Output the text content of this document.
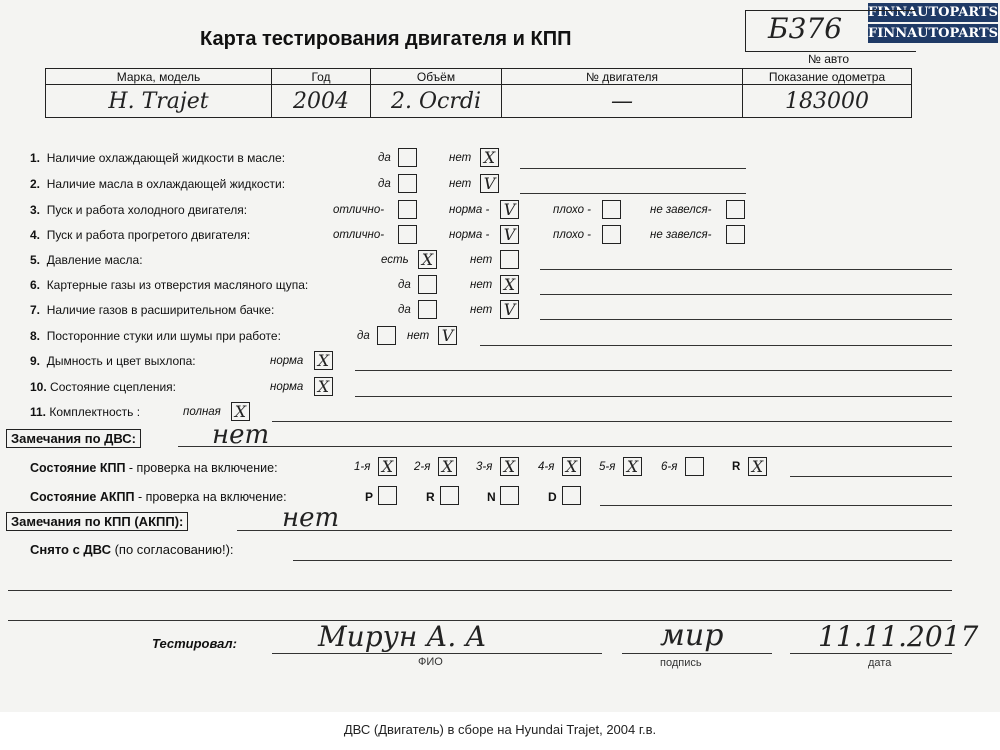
Карта тестирования двигателя и КПП
FINNAUTOPARTS
FINNAUTOPARTS
Б376
№ авто
Марка, модель	Год	Объём	№ двигателя	Показание одометра
H. Trajet	2004	2. Ocrdi	—	183000
1. Наличие охлаждающей жидкости в масле:	да	нет X
2. Наличие масла в охлаждающей жидкости:	да	нет V
3. Пуск и работа холодного двигателя:	отлично-	норма - V	плохо -	не завелся-
4. Пуск и работа прогретого двигателя:	отлично-	норма - V	плохо -	не завелся-
5. Давление масла:	есть X	нет
6. Картерные газы из отверстия масляного щупа:	да	нет X
7. Наличие газов в расширительном бачке:	да	нет V
8. Посторонние стуки или шумы при работе:	да	нет V
9. Дымность и цвет выхлопа:	норма X
10. Состояние сцепления:	норма X
11. Комплектность :	полная X
Замечания по ДВС:	нет
Состояние КПП - проверка на включение:	1-я X	2-я X	3-я X	4-я X	5-я X	6-я	R X
Состояние АКПП - проверка на включение:	P	R	N	D
Замечания по КПП (АКПП):	нет
Снято с ДВС (по согласованию!):
Тестировал:	Мирун А. А	мир	11.11.2017
ФИО	подпись	дата
ДВС (Двигатель) в сборе на Hyundai Trajet, 2004 г.в.
